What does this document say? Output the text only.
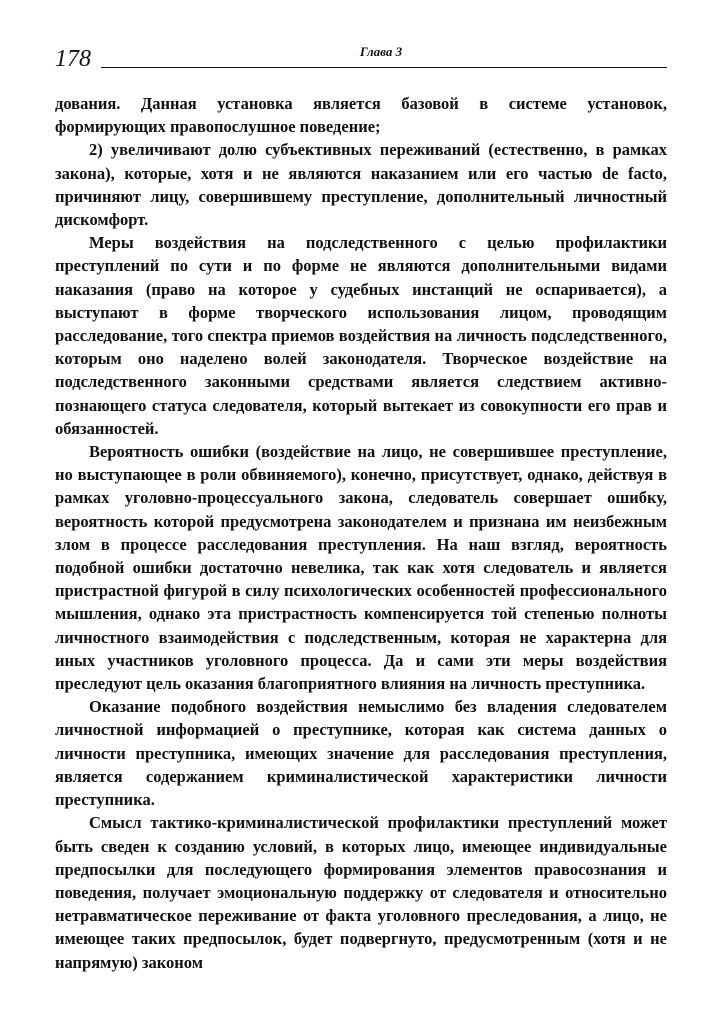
178	Глава 3

дования. Данная установка является базовой в системе установок, формирующих правопослушное поведение;

2) увеличивают долю субъективных переживаний (естественно, в рамках закона), которые, хотя и не являются наказанием или его частью de facto, причиняют лицу, совершившему преступление, дополнительный личностный дискомфорт.

Меры воздействия на подследственного с целью профилактики преступлений по сути и по форме не являются дополнительными видами наказания (право на которое у судебных инстанций не оспаривается), а выступают в форме творческого использования лицом, проводящим расследование, того спектра приемов воздействия на личность подследственного, которым оно наделено волей законодателя. Творческое воздействие на подследственного законными средствами является следствием активно-познающего статуса следователя, который вытекает из совокупности его прав и обязанностей.

Вероятность ошибки (воздействие на лицо, не совершившее преступление, но выступающее в роли обвиняемого), конечно, присутствует, однако, действуя в рамках уголовно-процессуального закона, следователь совершает ошибку, вероятность которой предусмотрена законодателем и признана им неизбежным злом в процессе расследования преступления. На наш взгляд, вероятность подобной ошибки достаточно невелика, так как хотя следователь и является пристрастной фигурой в силу психологических особенностей профессионального мышления, однако эта пристрастность компенсируется той степенью полноты личностного взаимодействия с подследственным, которая не характерна для иных участников уголовного процесса. Да и сами эти меры воздействия преследуют цель оказания благоприятного влияния на личность преступника.

Оказание подобного воздействия немыслимо без владения следователем личностной информацией о преступнике, которая как система данных о личности преступника, имеющих значение для расследования преступления, является содержанием криминалистической характеристики личности преступника.

Смысл тактико-криминалистической профилактики преступлений может быть сведен к созданию условий, в которых лицо, имеющее индивидуальные предпосылки для последующего формирования элементов правосознания и поведения, получает эмоциональную поддержку от следователя и относительно нетравматическое переживание от факта уголовного преследования, а лицо, не имеющее таких предпосылок, будет подвергнуто, предусмотренным (хотя и не напрямую) законом
